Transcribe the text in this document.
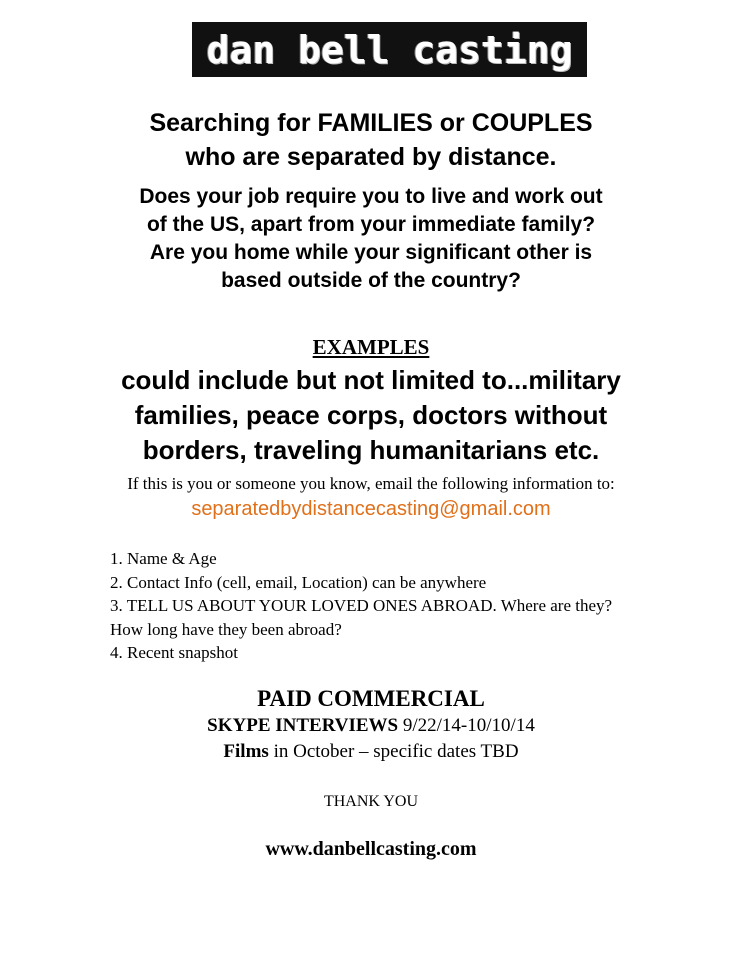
dan bell casting
Searching for FAMILIES or COUPLES
who are separated by distance.
Does your job require you to live and work out
of the US, apart from your immediate family?
Are you home while your significant other is
based outside of the country?
EXAMPLES
could include but not limited to...military
families, peace corps, doctors without
borders, traveling humanitarians etc.
If this is you or someone you know, email the following information to:
separatedbydistancecasting@gmail.com
1. Name & Age
2. Contact Info (cell, email, Location) can be anywhere
3. TELL US ABOUT YOUR LOVED ONES ABROAD. Where are they?
How long have they been abroad?
4. Recent snapshot
PAID COMMERCIAL
SKYPE INTERVIEWS 9/22/14-10/10/14
Films in October – specific dates TBD
THANK YOU
www.danbellcasting.com
